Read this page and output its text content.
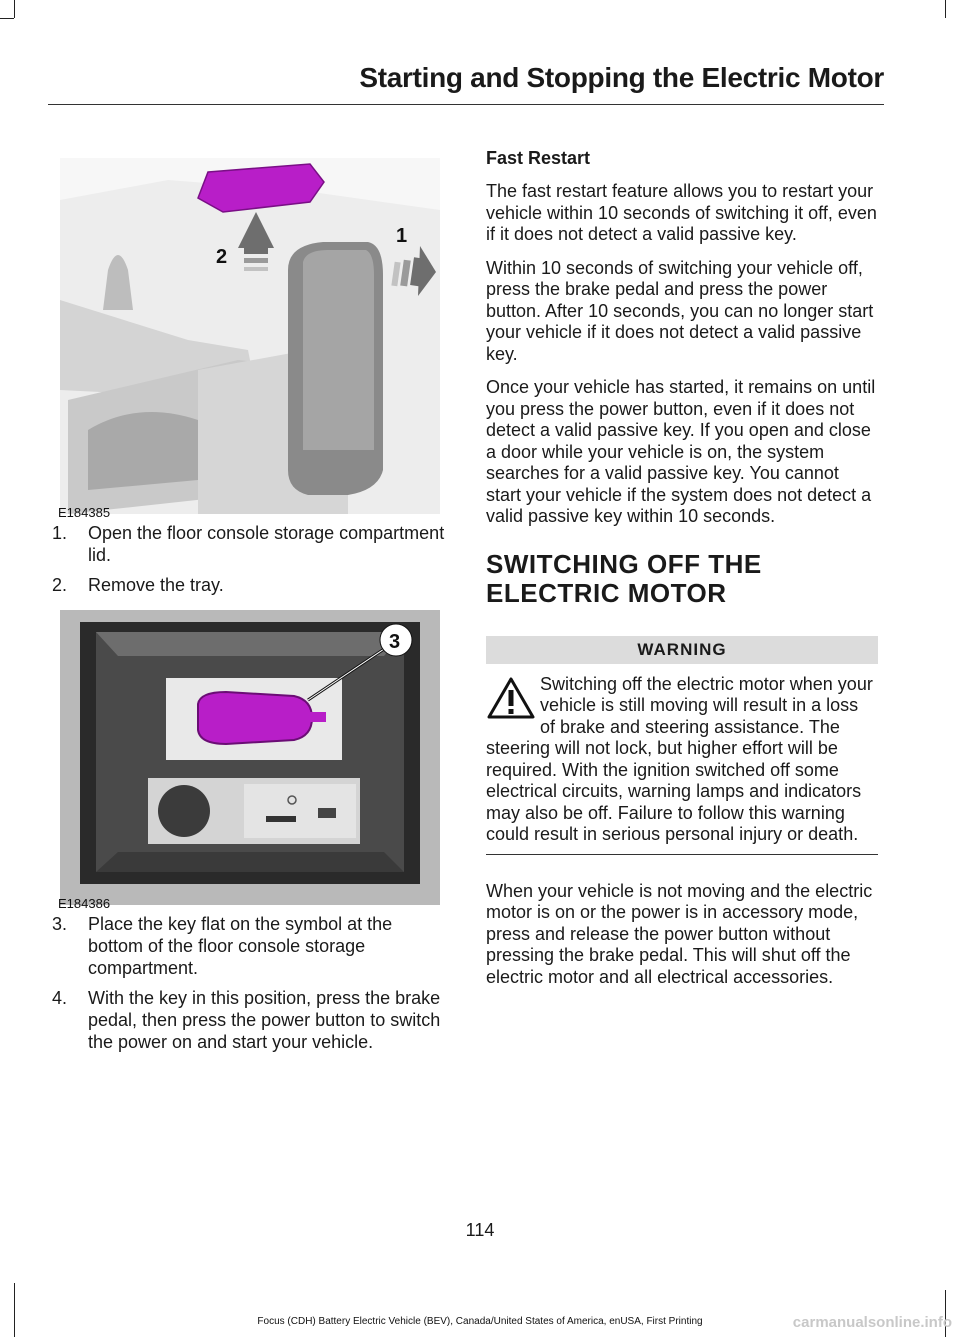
Starting and Stopping the Electric Motor
2
1
E184385
1. Open the floor console storage compartment lid.
2. Remove the tray.
3
E184386
3. Place the key flat on the symbol at the bottom of the floor console storage compartment.
4. With the key in this position, press the brake pedal, then press the power button to switch the power on and start your vehicle.
Fast Restart

The fast restart feature allows you to restart your vehicle within 10 seconds of switching it off, even if it does not detect a valid passive key.

Within 10 seconds of switching your vehicle off, press the brake pedal and press the power button. After 10 seconds, you can no longer start your vehicle if it does not detect a valid passive key.

Once your vehicle has started, it remains on until you press the power button, even if it does not detect a valid passive key. If you open and close a door while your vehicle is on, the system searches for a valid passive key. You cannot start your vehicle if the system does not detect a valid passive key within 10 seconds.

SWITCHING OFF THE
ELECTRIC MOTOR
WARNING
Switching off the electric motor when your vehicle is still moving will result in a loss of brake and steering assistance. The steering will not lock, but higher effort will be required. With the ignition switched off some electrical circuits, warning lamps and indicators may also be off. Failure to follow this warning could result in serious personal injury or death.

When your vehicle is not moving and the electric motor is on or the power is in accessory mode, press and release the power button without pressing the brake pedal. This will shut off the electric motor and all electrical accessories.

114
Focus (CDH) Battery Electric Vehicle (BEV), Canada/United States of America, enUSA, First Printing	carmanualsonline.info
